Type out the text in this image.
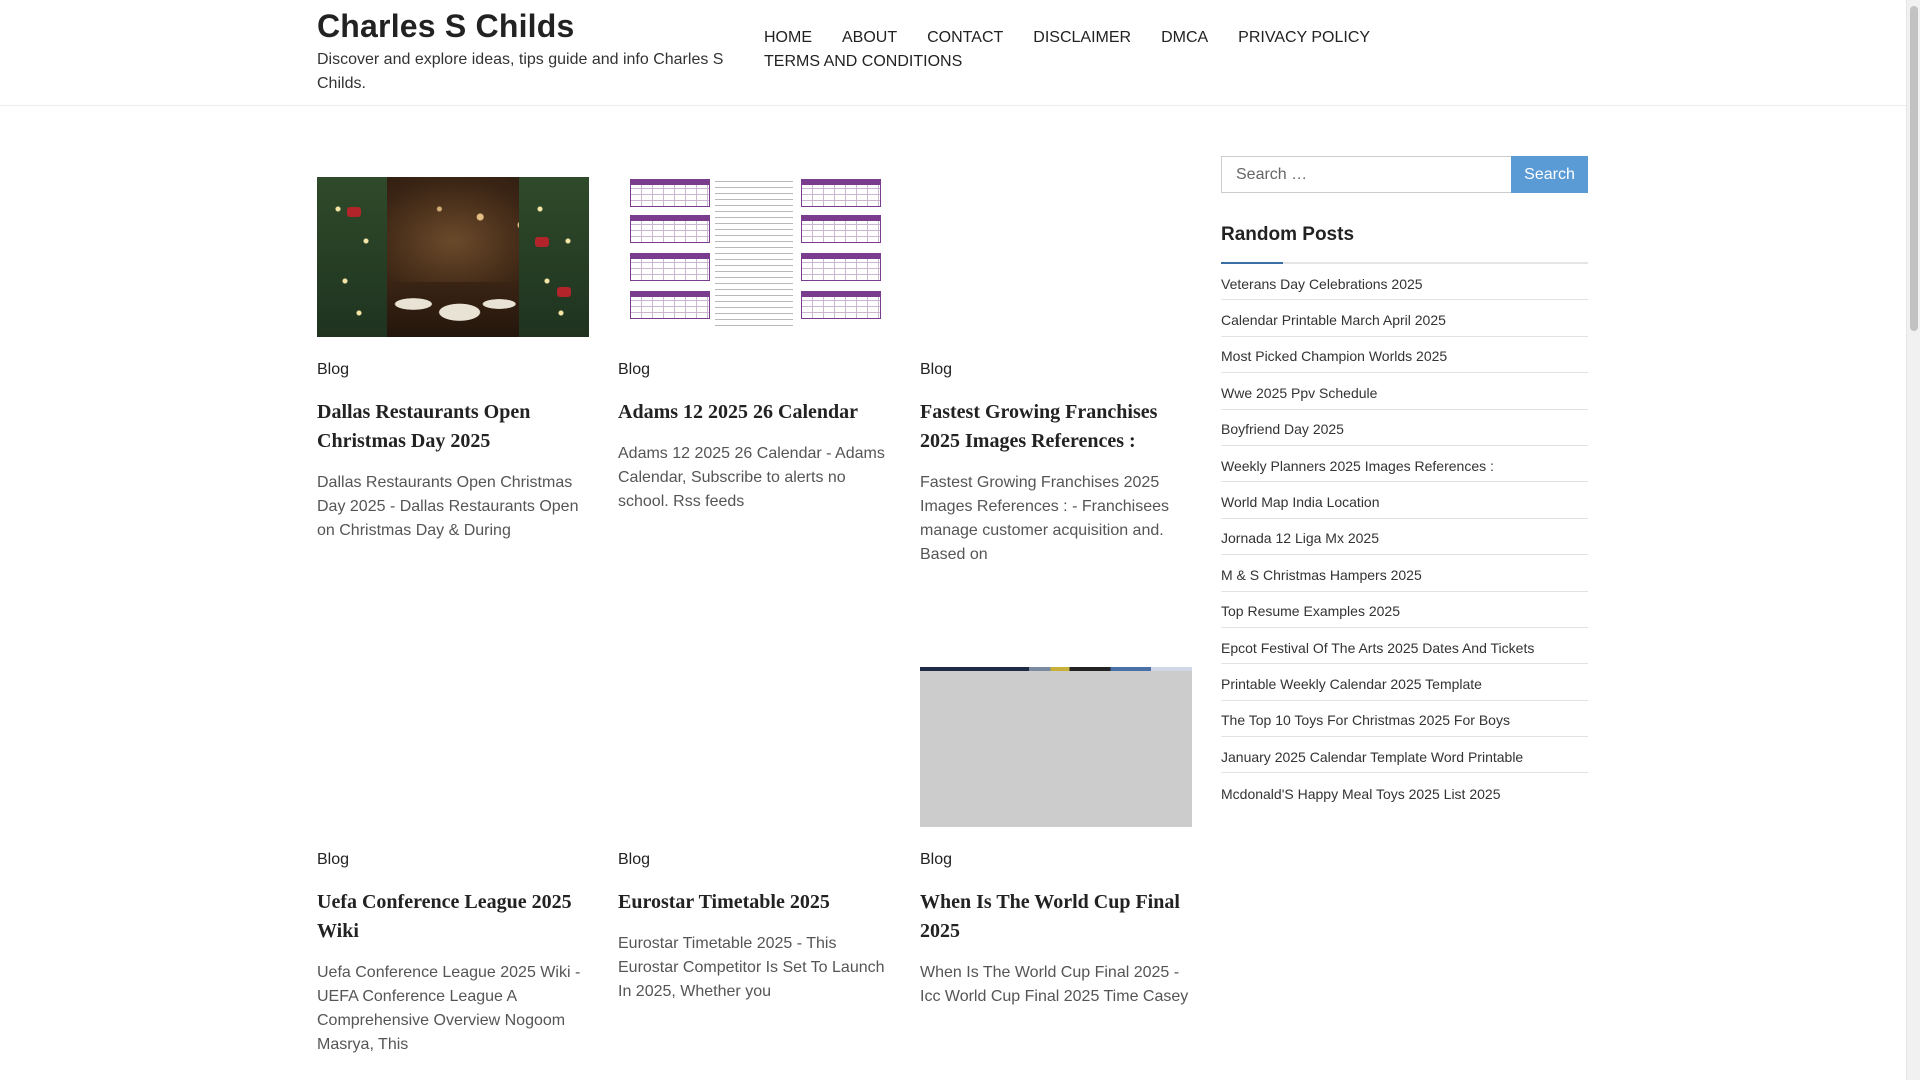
Charles S Childs
Discover and explore ideas, tips guide and info Charles S Childs.
HOME ABOUT CONTACT DISCLAIMER DMCA PRIVACY POLICY
TERMS AND CONDITIONS
Blog
Dallas Restaurants Open Christmas Day 2025

Dallas Restaurants Open Christmas Day 2025 - Dallas Restaurants Open on Christmas Day & During

Blog
Adams 12 2025 26 Calendar

Adams 12 2025 26 Calendar - Adams Calendar, Subscribe to alerts no school. Rss feeds

Blog
Fastest Growing Franchises 2025 Images References :

Fastest Growing Franchises 2025 Images References : - Franchisees manage customer acquisition and. Based on

Blog
Uefa Conference League 2025 Wiki

Uefa Conference League 2025 Wiki - UEFA Conference League A Comprehensive Overview Nogoom Masrya, This

Blog
Eurostar Timetable 2025

Eurostar Timetable 2025 - This Eurostar Competitor Is Set To Launch In 2025, Whether you

Blog
When Is The World Cup Final 2025

When Is The World Cup Final 2025 - Icc World Cup Final 2025 Time Casey

Search …
Search
Random Posts
Veterans Day Celebrations 2025
Calendar Printable March April 2025
Most Picked Champion Worlds 2025
Wwe 2025 Ppv Schedule
Boyfriend Day 2025
Weekly Planners 2025 Images References :
World Map India Location
Jornada 12 Liga Mx 2025
M & S Christmas Hampers 2025
Top Resume Examples 2025
Epcot Festival Of The Arts 2025 Dates And Tickets
Printable Weekly Calendar 2025 Template
The Top 10 Toys For Christmas 2025 For Boys
January 2025 Calendar Template Word Printable
Mcdonald'S Happy Meal Toys 2025 List 2025
